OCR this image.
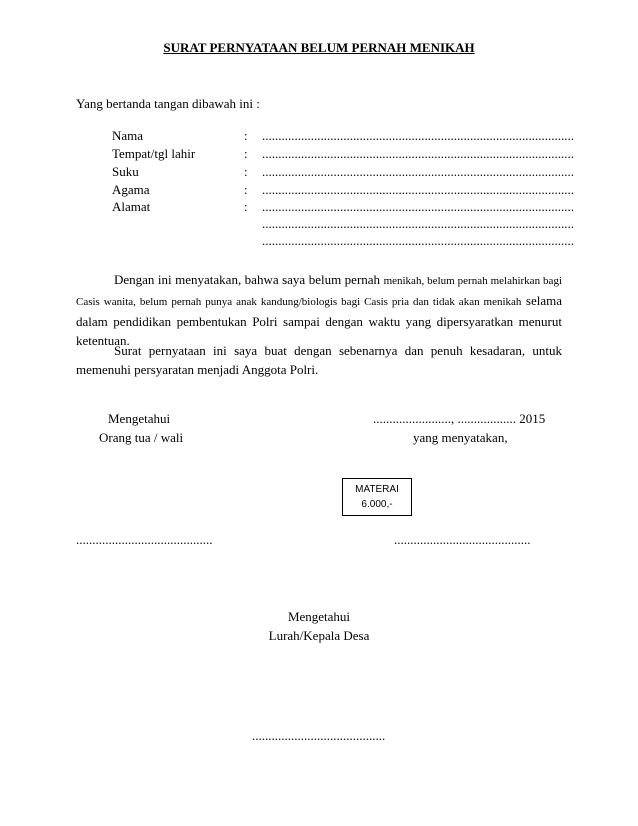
SURAT PERNYATAAN BELUM PERNAH MENIKAH
Yang bertanda tangan dibawah ini :
Nama	: ................................................................................................
Tempat/tgl lahir	: ................................................................................................
Suku	: ................................................................................................
Agama	: ................................................................................................
Alamat	: ................................................................................................
................................................................................................
................................................................................................
Dengan ini menyatakan, bahwa saya belum pernah menikah, belum pernah melahirkan bagi Casis wanita, belum pernah punya anak kandung/biologis bagi Casis pria dan tidak akan menikah selama dalam pendidikan pembentukan Polri sampai dengan waktu yang dipersyaratkan menurut ketentuan.
Surat pernyataan ini saya buat dengan sebenarnya dan penuh kesadaran, untuk memenuhi persyaratan menjadi Anggota Polri.
Mengetahui
Orang tua / wali
........................, .................. 2015
yang menyatakan,
MATERAI
6.000,-
..........................................	..........................................
Mengetahui
Lurah/Kepala Desa
.........................................
